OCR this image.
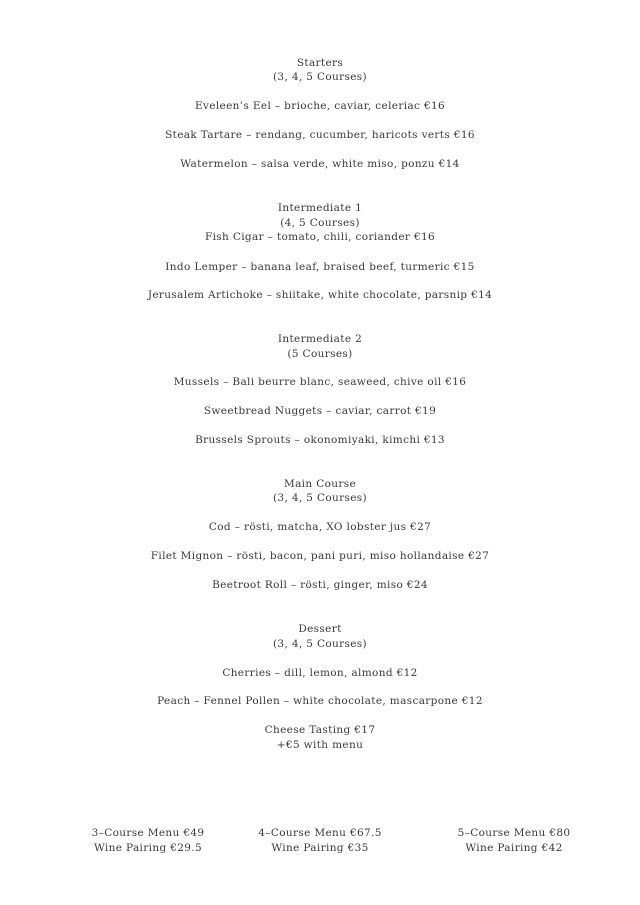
Starters
(3, 4, 5 Courses)
Eveleen’s Eel – brioche, caviar, celeriac €16
Steak Tartare – rendang, cucumber, haricots verts €16
Watermelon – salsa verde, white miso, ponzu €14
Intermediate 1
(4, 5 Courses)
Fish Cigar – tomato, chili, coriander €16
Indo Lemper – banana leaf, braised beef, turmeric €15
Jerusalem Artichoke – shiitake, white chocolate, parsnip €14
Intermediate 2
(5 Courses)
Mussels – Bali beurre blanc, seaweed, chive oil €16
Sweetbread Nuggets – caviar, carrot €19
Brussels Sprouts – okonomiyaki, kimchi €13
Main Course
(3, 4, 5 Courses)
Cod – rösti, matcha, XO lobster jus €27
Filet Mignon – rösti, bacon, pani puri, miso hollandaise €27
Beetroot Roll – rösti, ginger, miso €24
Dessert
(3, 4, 5 Courses)
Cherries – dill, lemon, almond €12
Peach – Fennel Pollen – white chocolate, mascarpone €12
Cheese Tasting €17
+€5 with menu
3–Course Menu €49
Wine Pairing €29.5
4–Course Menu €67.5
Wine Pairing €35
5–Course Menu €80
Wine Pairing €42
